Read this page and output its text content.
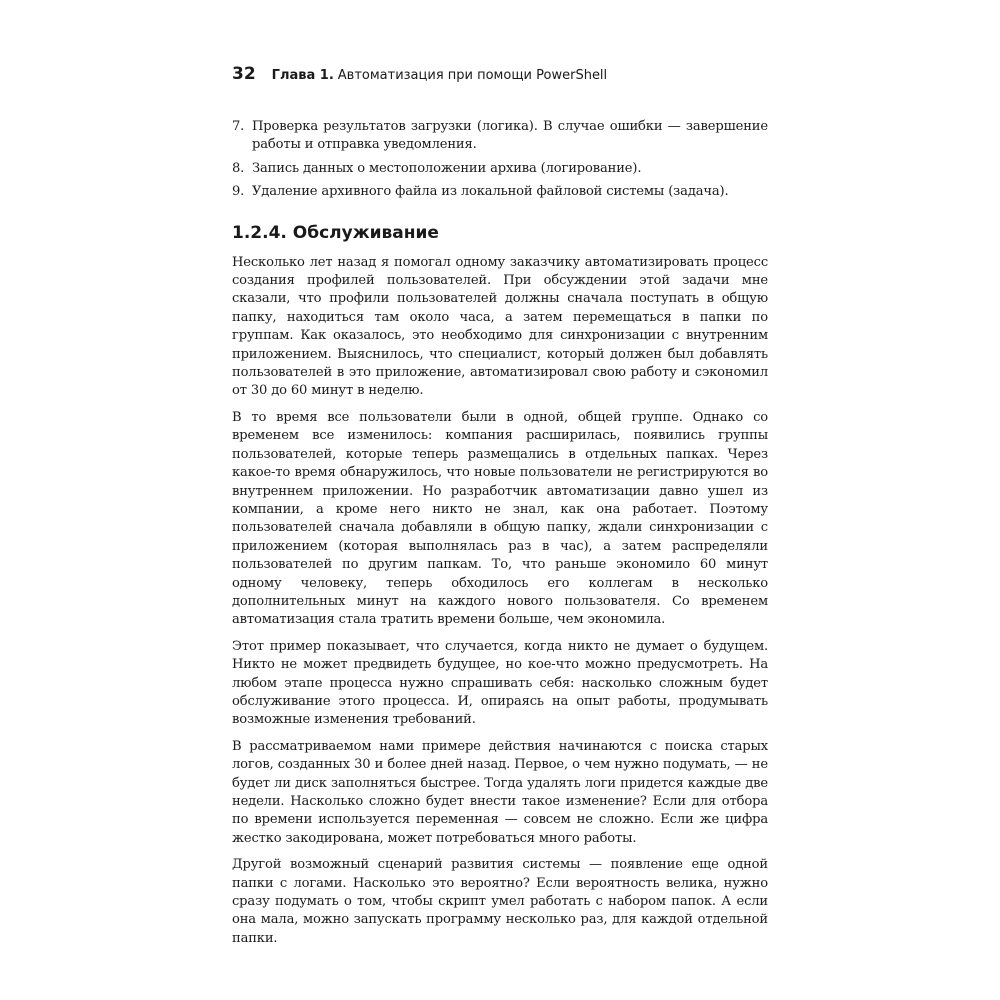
32 Глава 1. Автоматизация при помощи PowerShell
7. Проверка результатов загрузки (логика). В случае ошибки — завершение работы и отправка уведомления.
8. Запись данных о местоположении архива (логирование).
9. Удаление архивного файла из локальной файловой системы (задача).
1.2.4. Обслуживание

Несколько лет назад я помогал одному заказчику автоматизировать процесс создания профилей пользователей. При обсуждении этой задачи мне сказали, что профили пользователей должны сначала поступать в общую папку, находиться там около часа, а затем перемещаться в папки по группам. Как оказалось, это необходимо для синхронизации с внутренним приложением. Выяснилось, что специалист, который должен был добавлять пользователей в это приложение, автоматизировал свою работу и сэкономил от 30 до 60 минут в неделю.

В то время все пользователи были в одной, общей группе. Однако со временем все изменилось: компания расширилась, появились группы пользователей, которые теперь размещались в отдельных папках. Через какое-то время обнаружилось, что новые пользователи не регистрируются во внутреннем приложении. Но разработчик автоматизации давно ушел из компании, а кроме него никто не знал, как она работает. Поэтому пользователей сначала добавляли в общую папку, ждали синхронизации с приложением (которая выполнялась раз в час), а затем распределяли пользователей по другим папкам. То, что раньше экономило 60 минут одному человеку, теперь обходилось его коллегам в несколько дополнительных минут на каждого нового пользователя. Со временем автоматизация стала тратить времени больше, чем экономила.

Этот пример показывает, что случается, когда никто не думает о будущем. Никто не может предвидеть будущее, но кое-что можно предусмотреть. На любом этапе процесса нужно спрашивать себя: насколько сложным будет обслуживание этого процесса. И, опираясь на опыт работы, продумывать возможные изменения требований.

В рассматриваемом нами примере действия начинаются с поиска старых логов, созданных 30 и более дней назад. Первое, о чем нужно подумать, — не будет ли диск заполняться быстрее. Тогда удалять логи придется каждые две недели. Насколько сложно будет внести такое изменение? Если для отбора по времени используется переменная — совсем не сложно. Если же цифра жестко закодирована, может потребоваться много работы.

Другой возможный сценарий развития системы — появление еще одной папки с логами. Насколько это вероятно? Если вероятность велика, нужно сразу подумать о том, чтобы скрипт умел работать с набором папок. А если она мала, можно запускать программу несколько раз, для каждой отдельной папки.
